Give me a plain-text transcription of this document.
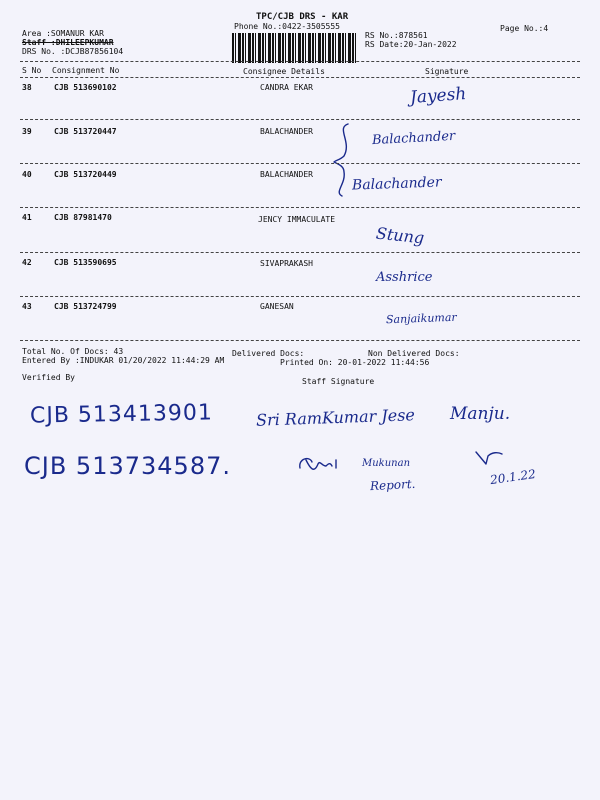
TPC/CJB DRS - KAR
Phone No.:0422-3505555	Page No.:4
Area :SOMANUR KAR
Staff :DHILEEPKUMAR
DRS No. :DCJB87856104
RS No.:878561
RS Date:20-Jan-2022
S No Consignment No	Consignee Details	Signature
38	CJB 513690102	CANDRA EKAR	Jayesh
39	CJB 513720447	BALACHANDER	Balachander
40	CJB 513720449	BALACHANDER	Balachander
41	CJB 87981470	JENCY IMMACULATE
Stung
42	CJB 513590695	SIVAPRAKASH
Asshrice
43	CJB 513724799	GANESAN
Sanjaikumar
Total No. Of Docs: 43	Delivered Docs:	Non Delivered Docs:
Entered By :INDUKAR 01/20/2022 11:44:29 AM	Printed On: 20-01-2022 11:44:56
Verified By	Staff Signature
CJB 513413901
CJB 513734587.
Sri RamKumar Jese Manju.
Mukunan
Report.	20.1.22
